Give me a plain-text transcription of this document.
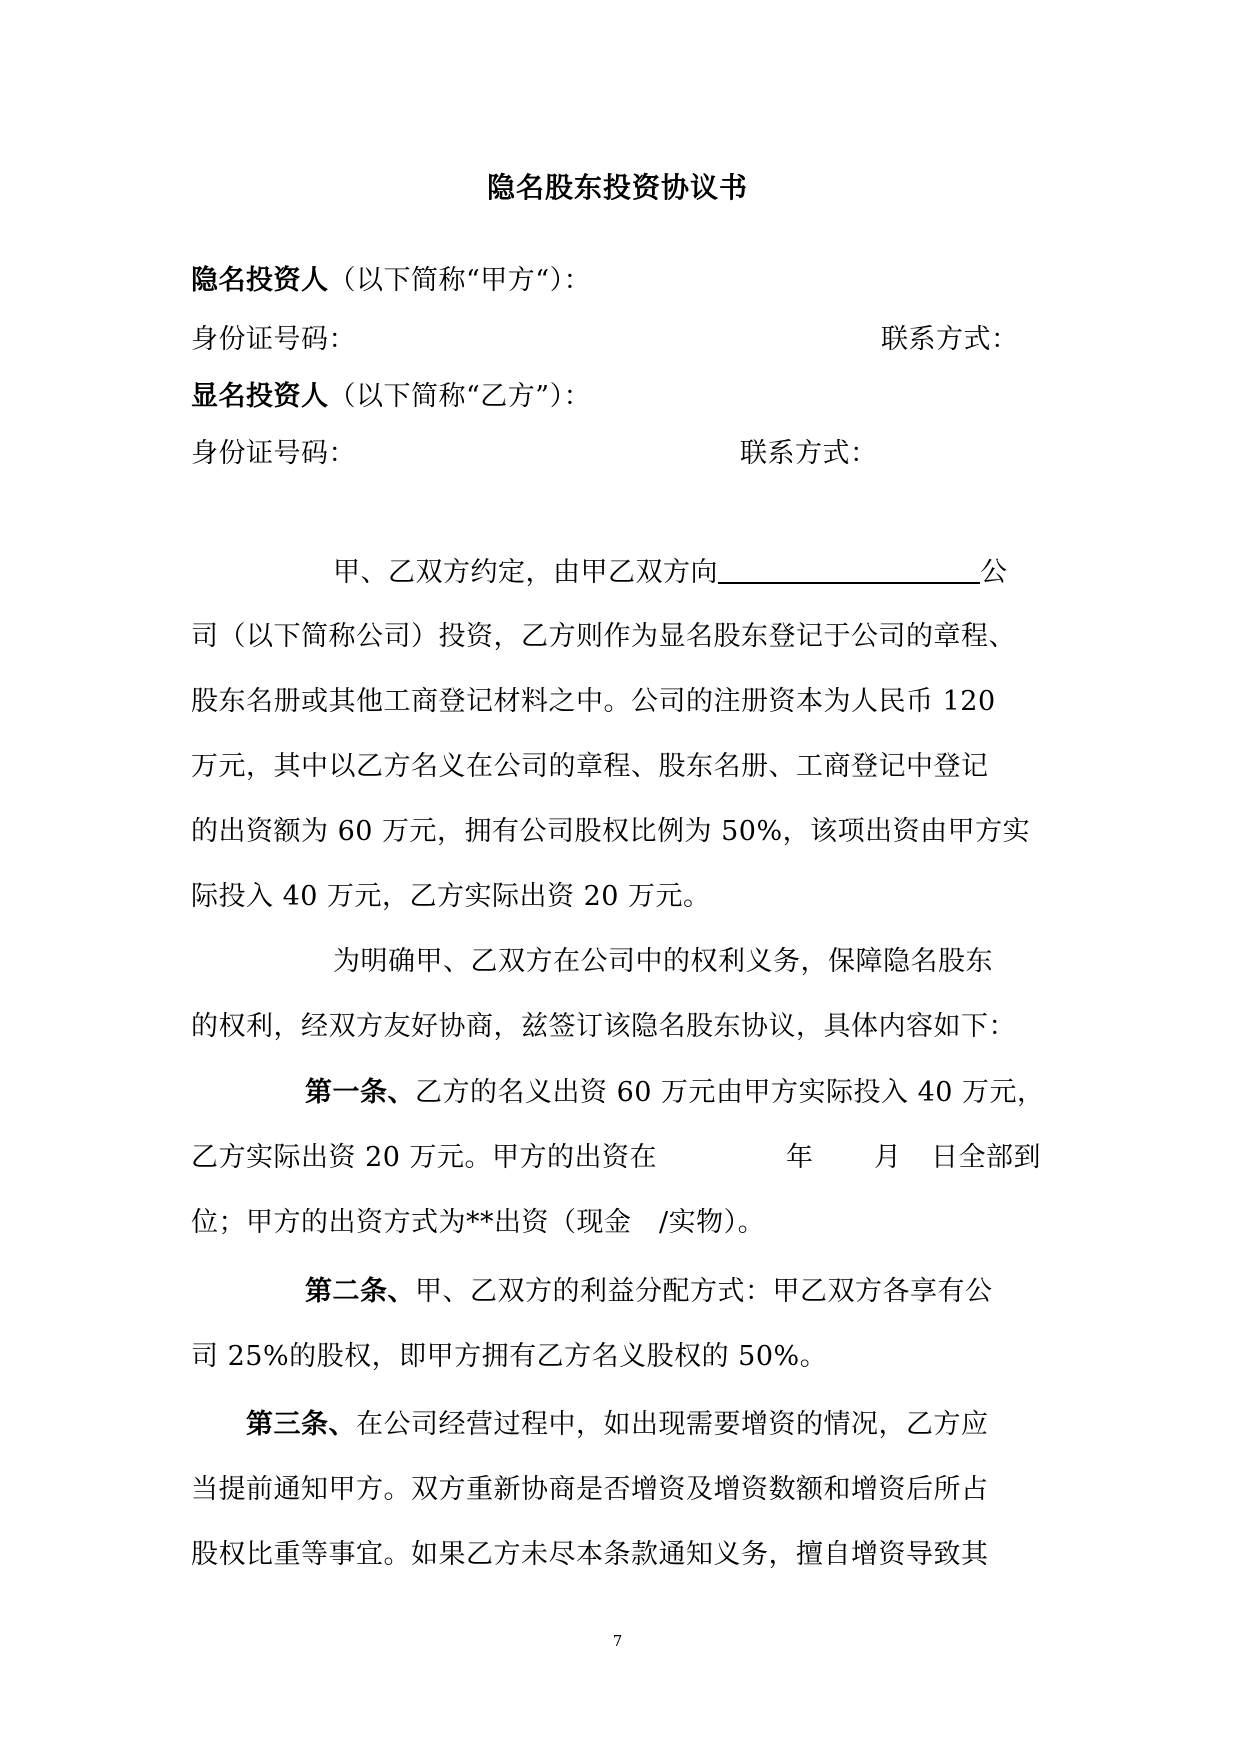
隐名股东投资协议书
隐名投资人（以下简称“甲方“）：
身份证号码：	联系方式：
显名投资人（以下简称“乙方”）：
身份证号码：	联系方式：
甲、乙双方约定，由甲乙双方向	公
司（以下简称公司）投资，乙方则作为显名股东登记于公司的章程、
股东名册或其他工商登记材料之中。公司的注册资本为人民币 120
万元，其中以乙方名义在公司的章程、股东名册、工商登记中登记
的出资额为 60 万元，拥有公司股权比例为 50%，该项出资由甲方实
际投入 40 万元，乙方实际出资 20 万元。
为明确甲、乙双方在公司中的权利义务，保障隐名股东
的权利，经双方友好协商，兹签订该隐名股东协议，具体内容如下：
第一条、乙方的名义出资 60 万元由甲方实际投入 40 万元，
乙方实际出资 20 万元。甲方的出资在	年 月 日全部到
位；甲方的出资方式为**出资（现金　/实物）。
第二条、甲、乙双方的利益分配方式：甲乙双方各享有公
司 25%的股权，即甲方拥有乙方名义股权的 50%。
第三条、在公司经营过程中，如出现需要增资的情况，乙方应
当提前通知甲方。双方重新协商是否增资及增资数额和增资后所占
股权比重等事宜。如果乙方未尽本条款通知义务，擅自增资导致其
7
